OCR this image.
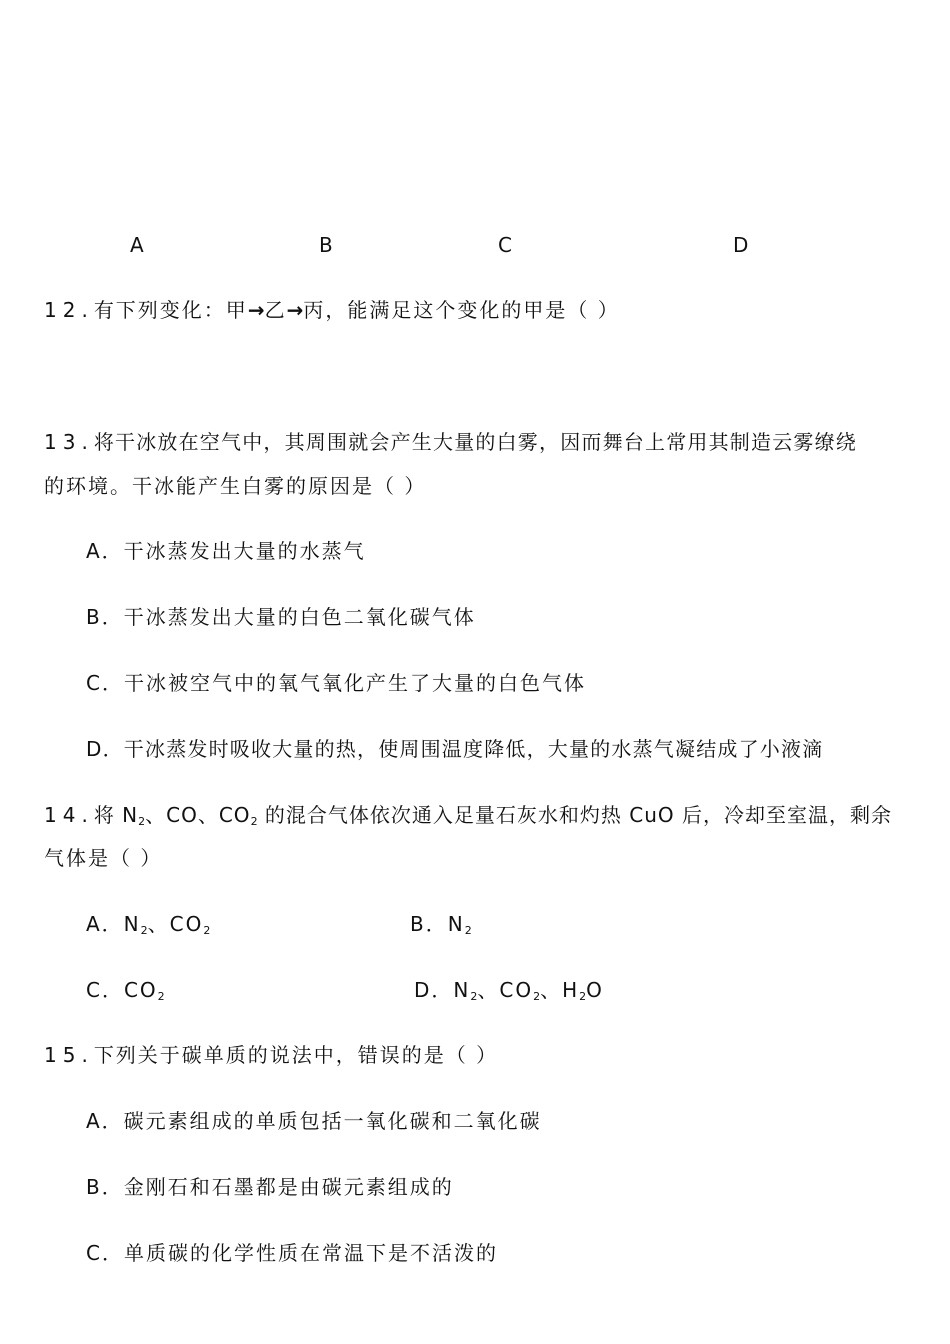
A	B	C	D
12.有下列变化：甲→乙→丙，能满足这个变化的甲是（ ）
13.将干冰放在空气中，其周围就会产生大量的白雾，因而舞台上常用其制造云雾缭绕
的环境。干冰能产生白雾的原因是（ ）
A．干冰蒸发出大量的水蒸气
B．干冰蒸发出大量的白色二氧化碳气体
C．干冰被空气中的氧气氧化产生了大量的白色气体
D．干冰蒸发时吸收大量的热，使周围温度降低，大量的水蒸气凝结成了小液滴
14.将 $N_2$、CO、$CO_2$ 的混合气体依次通入足量石灰水和灼热 CuO 后，冷却至室温，剩余
气体是（ ）
A．$N_2$、$CO_2$	B．$N_2$
C．$CO_2$	D．$N_2$、$CO_2$、$H_2O$
15.下列关于碳单质的说法中，错误的是（ ）
A．碳元素组成的单质包括一氧化碳和二氧化碳
B．金刚石和石墨都是由碳元素组成的
C．单质碳的化学性质在常温下是不活泼的
